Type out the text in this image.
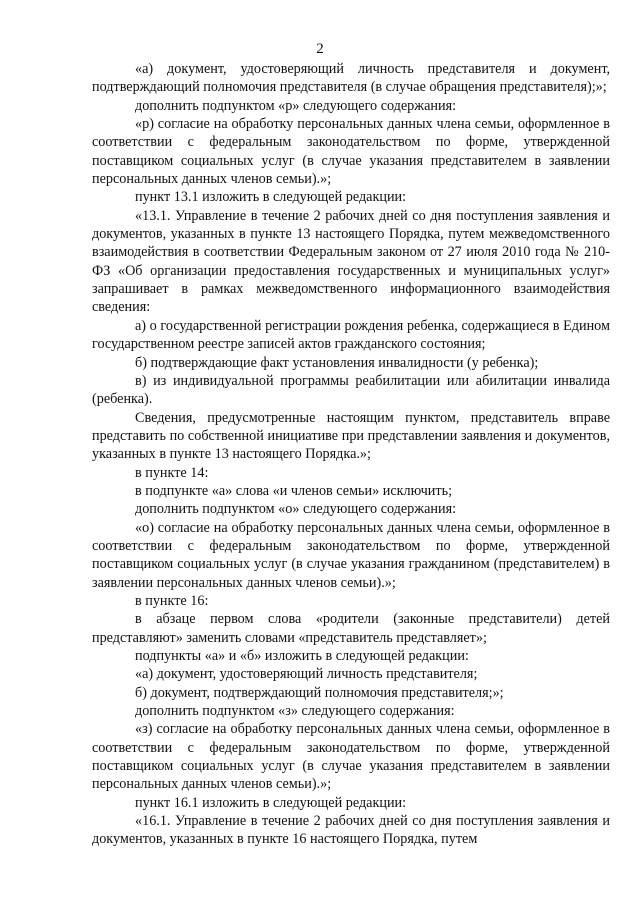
2

«а) документ, удостоверяющий личность представителя и документ, подтверждающий полномочия представителя (в случае обращения представителя);»;

дополнить подпунктом «р» следующего содержания:

«р) согласие на обработку персональных данных члена семьи, оформленное в соответствии с федеральным законодательством по форме, утвержденной поставщиком социальных услуг (в случае указания представителем в заявлении персональных данных членов семьи).»;

пункт 13.1 изложить в следующей редакции:

«13.1. Управление в течение 2 рабочих дней со дня поступления заявления и документов, указанных в пункте 13 настоящего Порядка, путем межведомственного взаимодействия в соответствии Федеральным законом от 27 июля 2010 года № 210-ФЗ «Об организации предоставления государственных и муниципальных услуг» запрашивает в рамках межведомственного информационного взаимодействия сведения:

а) о государственной регистрации рождения ребенка, содержащиеся в Едином государственном реестре записей актов гражданского состояния;

б) подтверждающие факт установления инвалидности (у ребенка);

в) из индивидуальной программы реабилитации или абилитации инвалида (ребенка).

Сведения, предусмотренные настоящим пунктом, представитель вправе представить по собственной инициативе при представлении заявления и документов, указанных в пункте 13 настоящего Порядка.»;

в пункте 14:

в подпункте «а» слова «и членов семьи» исключить;

дополнить подпунктом «о» следующего содержания:

«о) согласие на обработку персональных данных члена семьи, оформленное в соответствии с федеральным законодательством по форме, утвержденной поставщиком социальных услуг (в случае указания гражданином (представителем) в заявлении персональных данных членов семьи).»;

в пункте 16:

в абзаце первом слова «родители (законные представители) детей представляют» заменить словами «представитель представляет»;

подпункты «а» и «б» изложить в следующей редакции:

«а) документ, удостоверяющий личность представителя;

б) документ, подтверждающий полномочия представителя;»;

дополнить подпунктом «з» следующего содержания:

«з) согласие на обработку персональных данных члена семьи, оформленное в соответствии с федеральным законодательством по форме, утвержденной поставщиком социальных услуг (в случае указания представителем в заявлении персональных данных членов семьи).»;

пункт 16.1 изложить в следующей редакции:

«16.1. Управление в течение 2 рабочих дней со дня поступления заявления и документов, указанных в пункте 16 настоящего Порядка, путем
